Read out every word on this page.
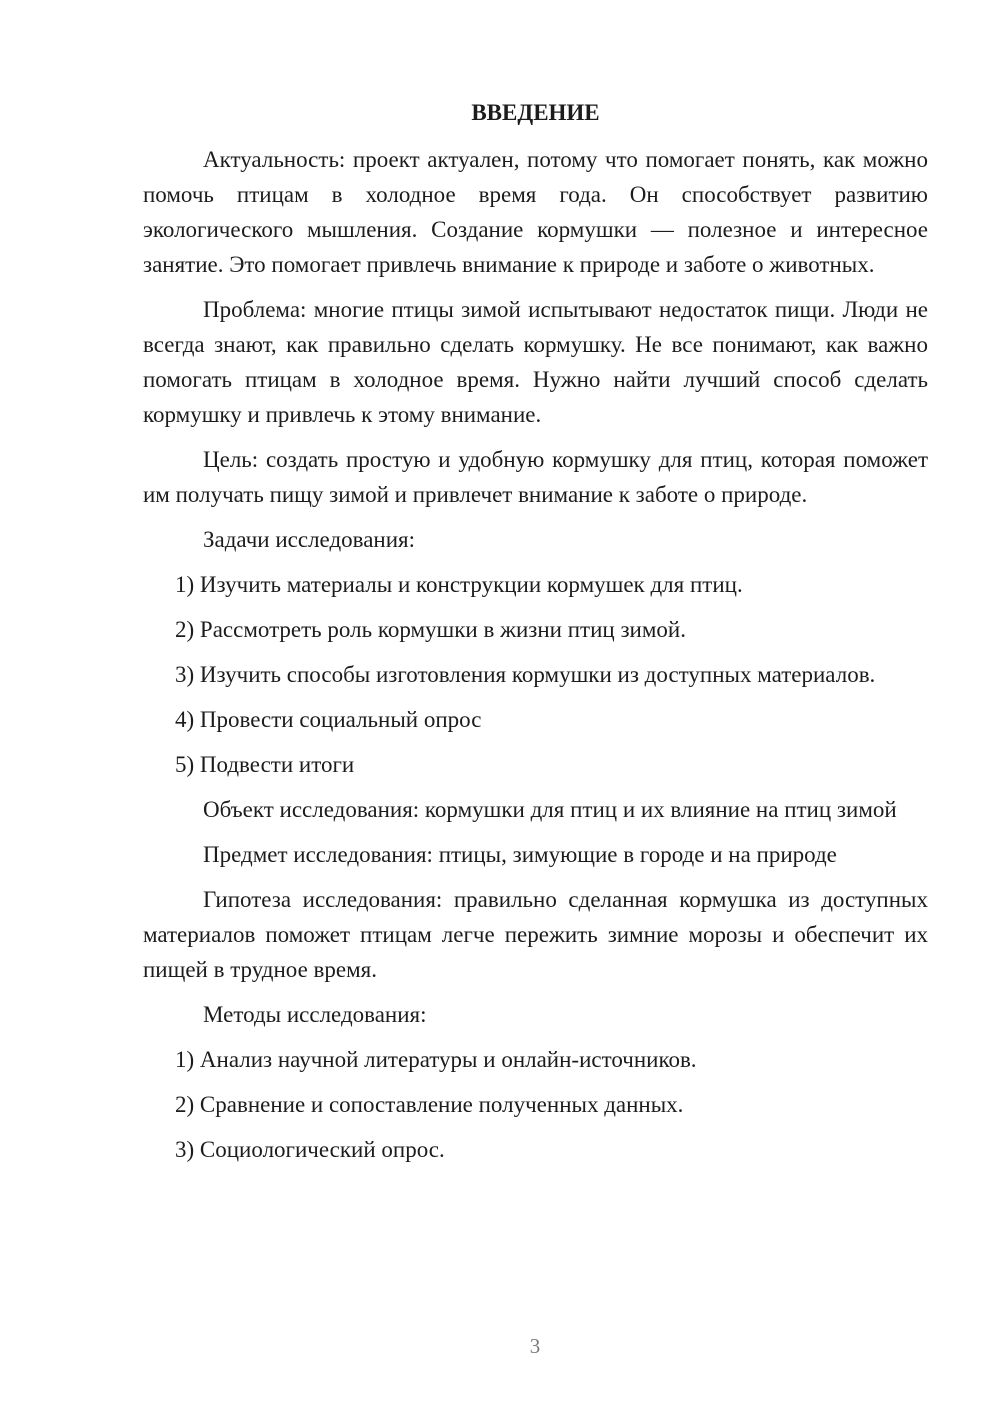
ВВЕДЕНИЕ

Актуальность: проект актуален, потому что помогает понять, как можно помочь птицам в холодное время года. Он способствует развитию экологического мышления. Создание кормушки — полезное и интересное занятие. Это помогает привлечь внимание к природе и заботе о животных.

Проблема: многие птицы зимой испытывают недостаток пищи. Люди не всегда знают, как правильно сделать кормушку. Не все понимают, как важно помогать птицам в холодное время. Нужно найти лучший способ сделать кормушку и привлечь к этому внимание.

Цель: создать простую и удобную кормушку для птиц, которая поможет им получать пищу зимой и привлечет внимание к заботе о природе.

Задачи исследования:

1) Изучить материалы и конструкции кормушек для птиц.

2) Рассмотреть роль кормушки в жизни птиц зимой.

3) Изучить способы изготовления кормушки из доступных материалов.

4) Провести социальный опрос

5) Подвести итоги

Объект исследования: кормушки для птиц и их влияние на птиц зимой

Предмет исследования: птицы, зимующие в городе и на природе

Гипотеза исследования: правильно сделанная кормушка из доступных материалов поможет птицам легче пережить зимние морозы и обеспечит их пищей в трудное время.

Методы исследования:

1) Анализ научной литературы и онлайн-источников.

2) Сравнение и сопоставление полученных данных.

3) Социологический опрос.

3
